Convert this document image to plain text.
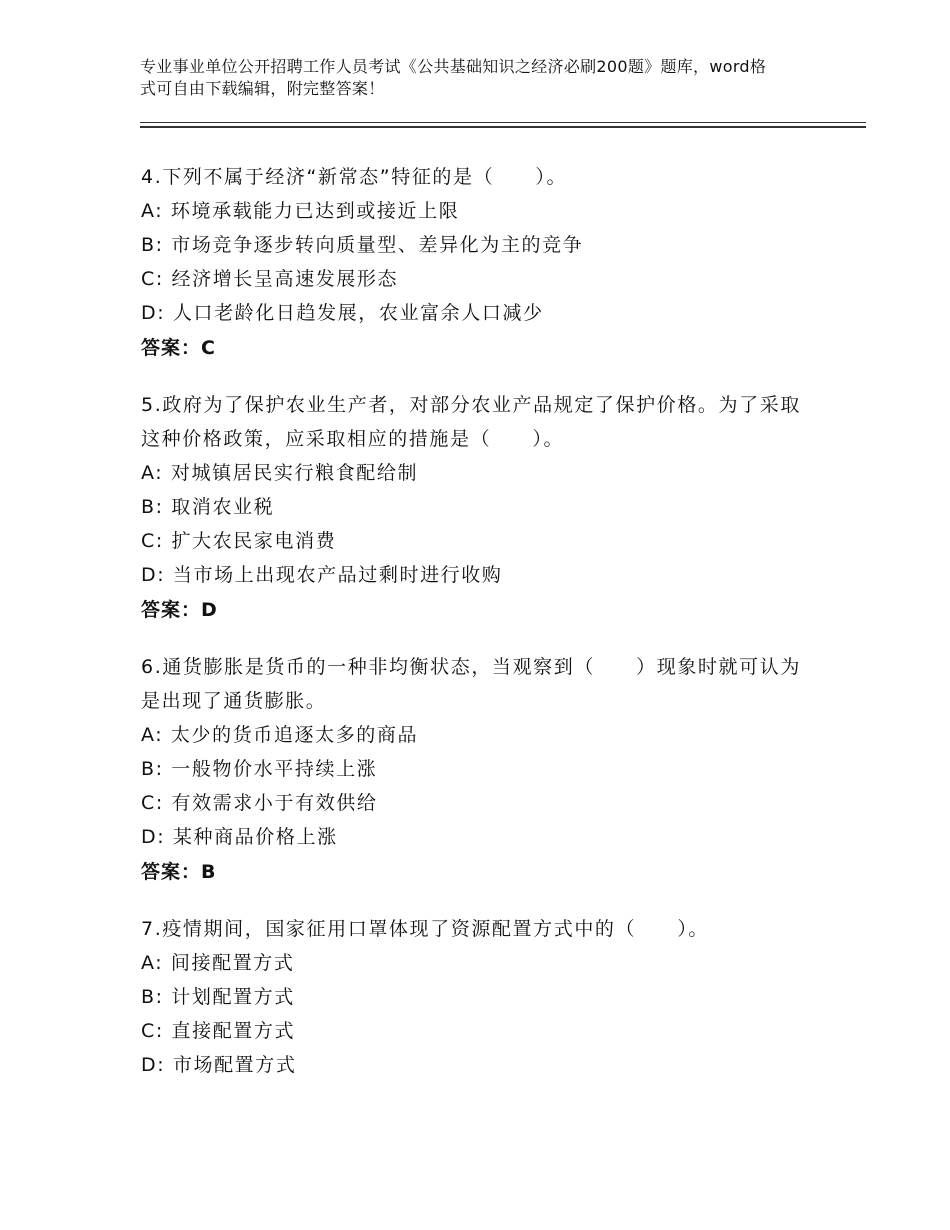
专业事业单位公开招聘工作人员考试《公共基础知识之经济必刷200题》题库，word格式可自由下载编辑，附完整答案！

4.下列不属于经济“新常态”特征的是（　　）。

A: 环境承载能力已达到或接近上限

B: 市场竞争逐步转向质量型、差异化为主的竞争

C: 经济增长呈高速发展形态

D: 人口老龄化日趋发展，农业富余人口减少

答案：C

5.政府为了保护农业生产者，对部分农业产品规定了保护价格。为了采取这种价格政策，应采取相应的措施是（　　）。

A: 对城镇居民实行粮食配给制

B: 取消农业税

C: 扩大农民家电消费

D: 当市场上出现农产品过剩时进行收购

答案：D

6.通货膨胀是货币的一种非均衡状态，当观察到（　　）现象时就可认为是出现了通货膨胀。

A: 太少的货币追逐太多的商品

B: 一般物价水平持续上涨

C: 有效需求小于有效供给

D: 某种商品价格上涨

答案：B

7.疫情期间，国家征用口罩体现了资源配置方式中的（　　）。

A: 间接配置方式

B: 计划配置方式

C: 直接配置方式

D: 市场配置方式
